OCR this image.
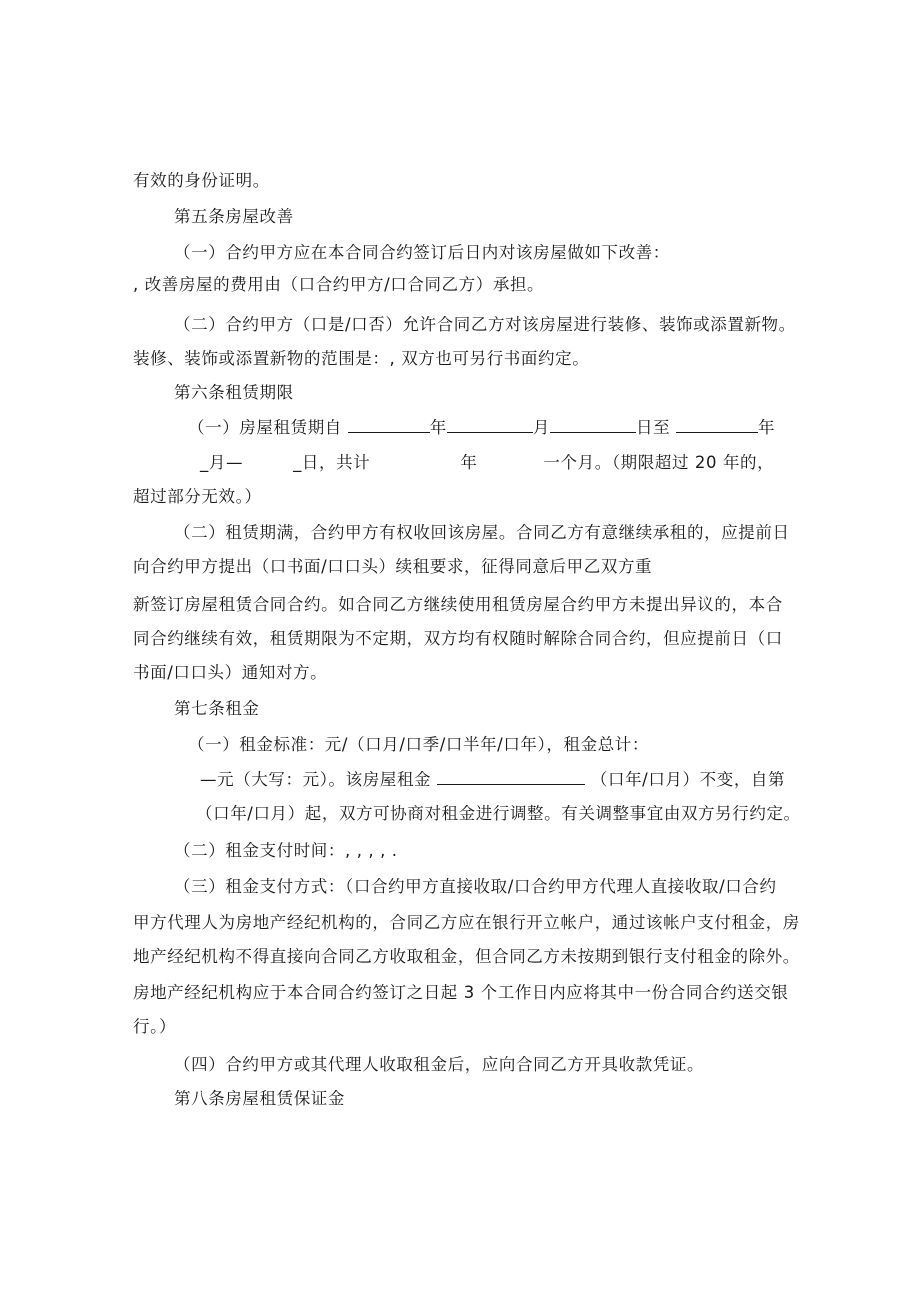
有效的身份证明。
第五条房屋改善
（一）合约甲方应在本合同合约签订后日内对该房屋做如下改善：
, 改善房屋的费用由（口合约甲方/口合同乙方）承担。
（二）合约甲方（口是/口否）允许合同乙方对该房屋进行装修、装饰或添置新物。
装修、装饰或添置新物的范围是：, 双方也可另行书面约定。
第六条租赁期限
（一）房屋租赁期自	年	月	日至	年
_月—	_日，共计	年	一个月。（期限超过 20 年的，
超过部分无效。）
（二）租赁期满，合约甲方有权收回该房屋。合同乙方有意继续承租的，应提前日
向合约甲方提出（口书面/口口头）续租要求，征得同意后甲乙双方重
新签订房屋租赁合同合约。如合同乙方继续使用租赁房屋合约甲方未提出异议的，本合
同合约继续有效，租赁期限为不定期，双方均有权随时解除合同合约，但应提前日（口
书面/口口头）通知对方。
第七条租金
（一）租金标准：元/（口月/口季/口半年/口年），租金总计：
—元（大写：元）。该房屋租金	（口年/口月）不变，自第
（口年/口月）起，双方可协商对租金进行调整。有关调整事宜由双方另行约定。
（二）租金支付时间：, , , , .
（三）租金支付方式：（口合约甲方直接收取/口合约甲方代理人直接收取/口合约
甲方代理人为房地产经纪机构的，合同乙方应在银行开立帐户，通过该帐户支付租金，房
地产经纪机构不得直接向合同乙方收取租金，但合同乙方未按期到银行支付租金的除外。
房地产经纪机构应于本合同合约签订之日起 3 个工作日内应将其中一份合同合约送交银
行。）
（四）合约甲方或其代理人收取租金后，应向合同乙方开具收款凭证。
第八条房屋租赁保证金
